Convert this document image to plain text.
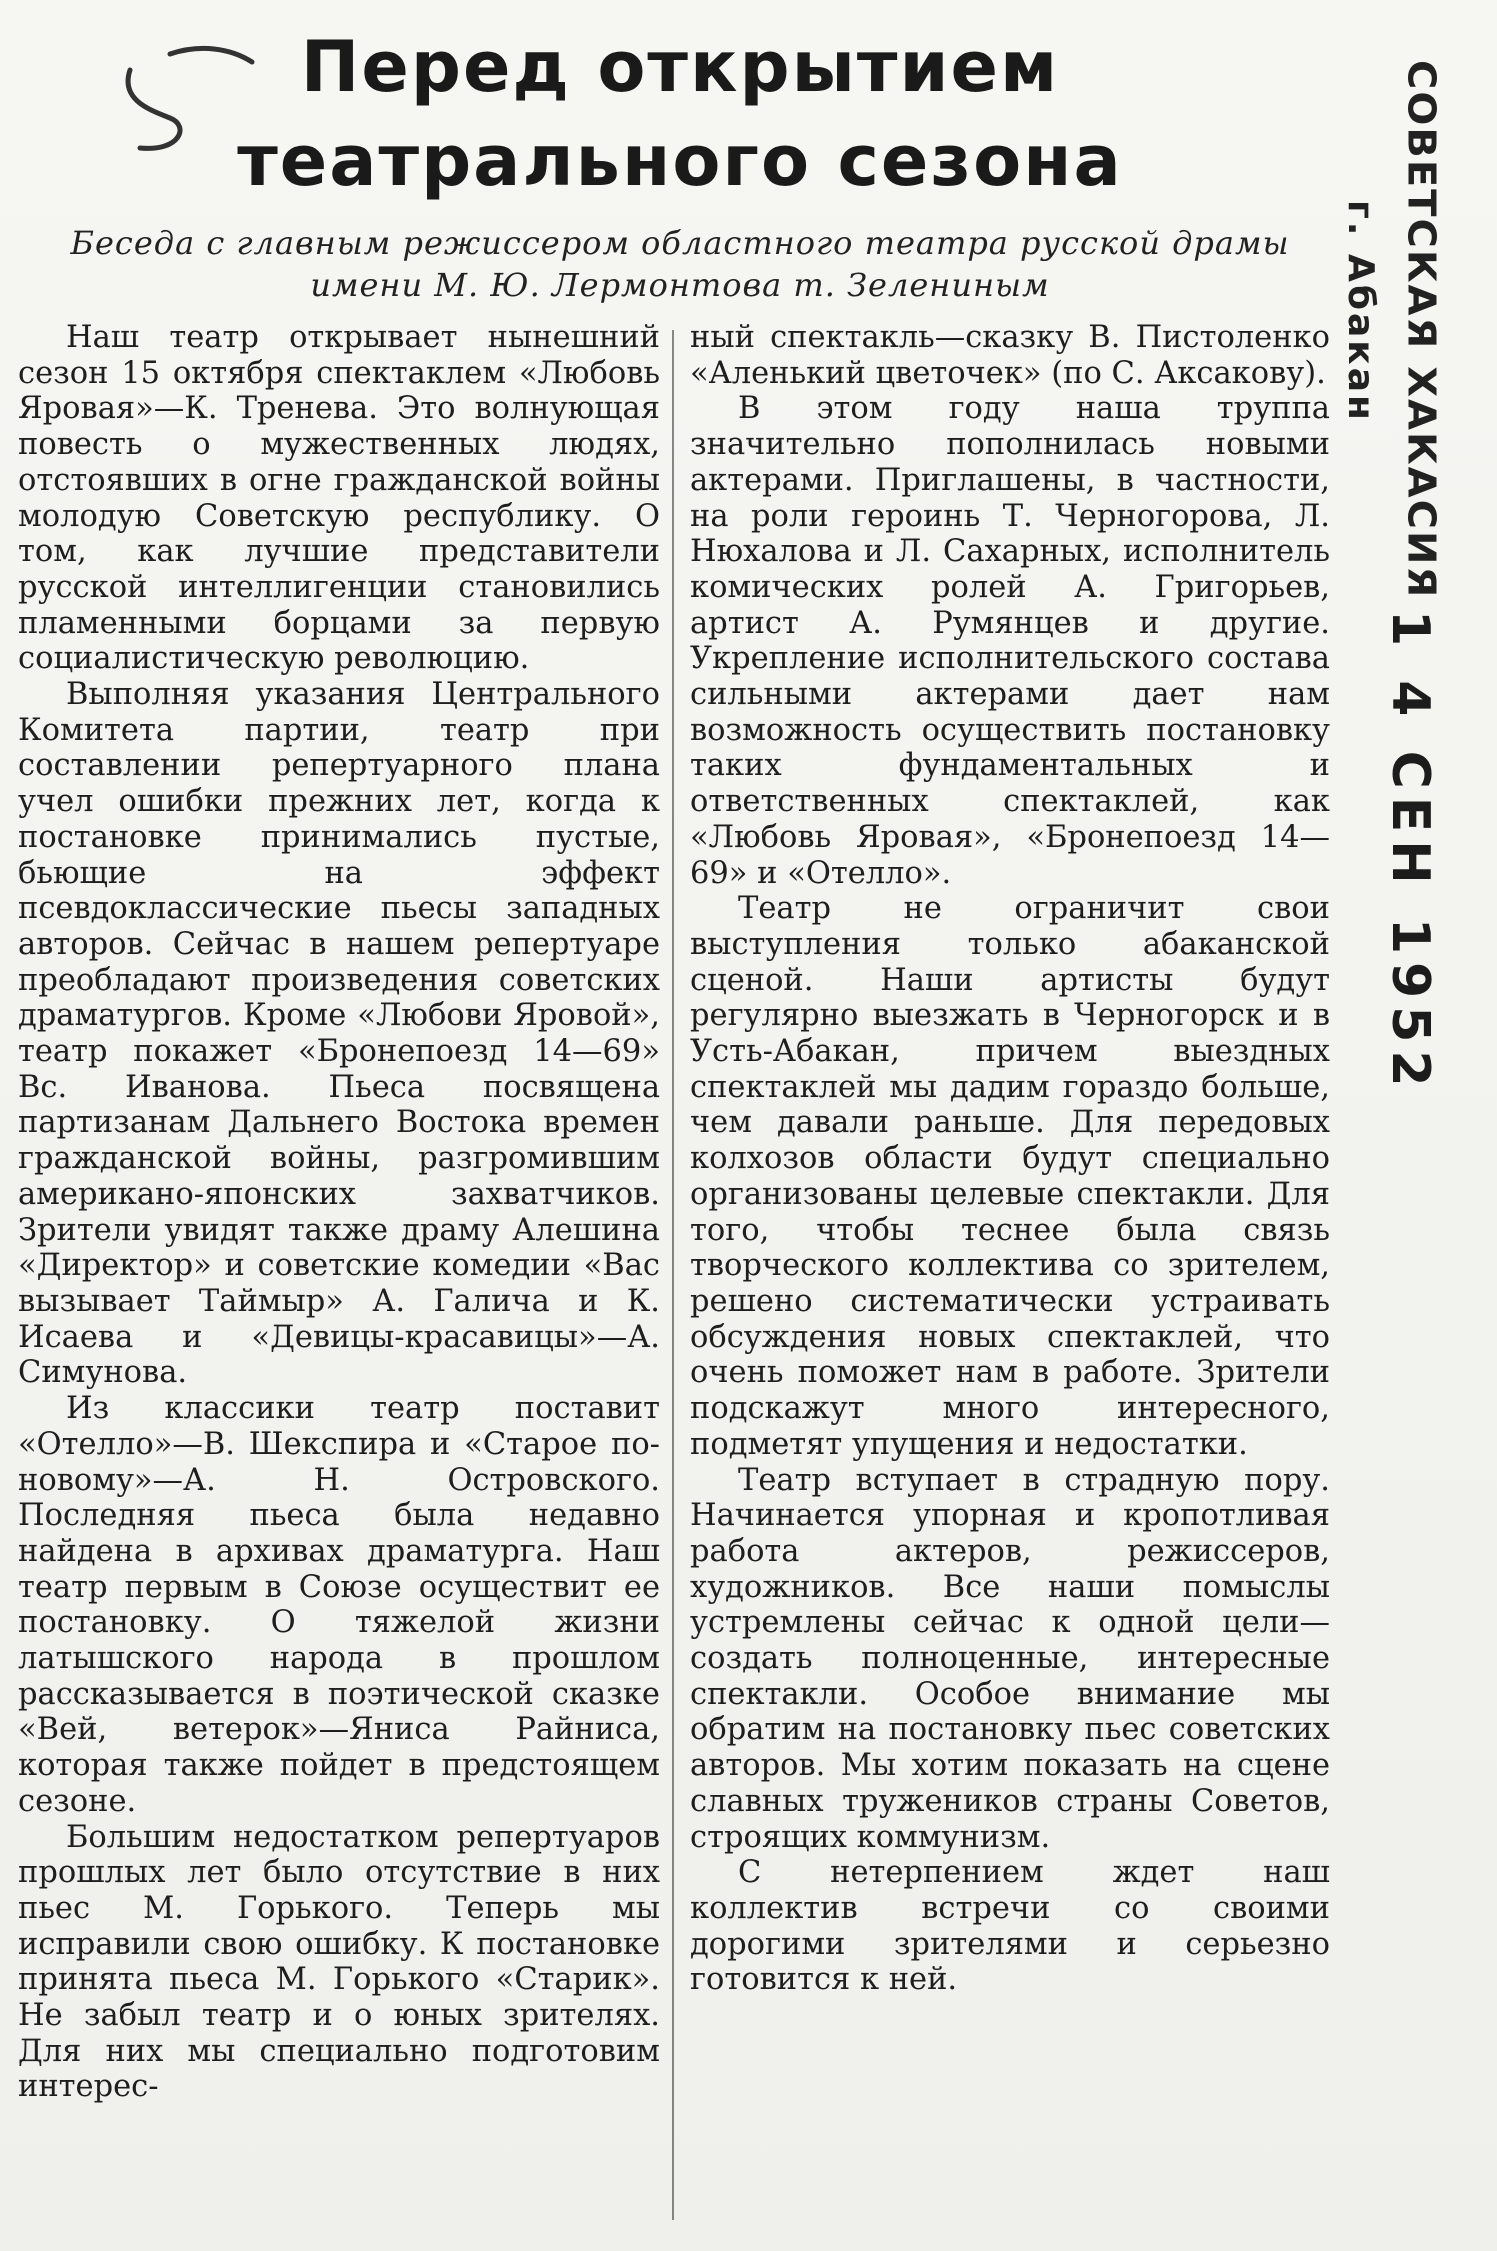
Перед открытием
театрального сезона
Беседа с главным режиссером областного театра русской драмы
имени М. Ю. Лермонтова т. Зелениным

Наш театр открывает нынешний сезон 15 октября спектаклем «Любовь Яровая»—К. Тренева. Это волнующая повесть о мужественных людях, отстоявших в огне гражданской войны молодую Советскую республику. О том, как лучшие представители русской интеллигенции становились пламенными борцами за первую социалистическую революцию.

Выполняя указания Центрального Комитета партии, театр при составлении репертуарного плана учел ошибки прежних лет, когда к постановке принимались пустые, бьющие на эффект псевдоклассические пьесы западных авторов. Сейчас в нашем репертуаре преобладают произведения советских драматургов. Кроме «Любови Яровой», театр покажет «Бронепоезд 14—69» Вс. Иванова. Пьеса посвящена партизанам Дальнего Востока времен гражданской войны, разгромившим американо-японских захватчиков. Зрители увидят также драму Алешина «Директор» и советские комедии «Вас вызывает Таймыр» А. Галича и К. Исаева и «Девицы-красавицы»—А. Симунова.

Из классики театр поставит «Отелло»—В. Шекспира и «Старое по-новому»—А. Н. Островского. Последняя пьеса была недавно найдена в архивах драматурга. Наш театр первым в Союзе осуществит ее постановку. О тяжелой жизни латышского народа в прошлом рассказывается в поэтической сказке «Вей, ветерок»—Яниса Райниса, которая также пойдет в предстоящем сезоне.

Большим недостатком репертуаров прошлых лет было отсутствие в них пьес М. Горького. Теперь мы исправили свою ошибку. К постановке принята пьеса М. Горького «Старик». Не забыл театр и о юных зрителях. Для них мы специально подготовим интерес-

ный спектакль—сказку В. Пистоленко «Аленький цветочек» (по С. Аксакову).

В этом году наша труппа значительно пополнилась новыми актерами. Приглашены, в частности, на роли героинь Т. Черногорова, Л. Нюхалова и Л. Сахарных, исполнитель комических ролей А. Григорьев, артист А. Румянцев и другие. Укрепление исполнительского состава сильными актерами дает нам возможность осуществить постановку таких фундаментальных и ответственных спектаклей, как «Любовь Яровая», «Бронепоезд 14—69» и «Отелло».

Театр не ограничит свои выступления только абаканской сценой. Наши артисты будут регулярно выезжать в Черногорск и в Усть-Абакан, причем выездных спектаклей мы дадим гораздо больше, чем давали раньше. Для передовых колхозов области будут специально организованы целевые спектакли. Для того, чтобы теснее была связь творческого коллектива со зрителем, решено систематически устраивать обсуждения новых спектаклей, что очень поможет нам в работе. Зрители подскажут много интересного, подметят упущения и недостатки.

Театр вступает в страдную пору. Начинается упорная и кропотливая работа актеров, режиссеров, художников. Все наши помыслы устремлены сейчас к одной цели—создать полноценные, интересные спектакли. Особое внимание мы обратим на постановку пьес советских авторов. Мы хотим показать на сцене славных тружеников страны Советов, строящих коммунизм.

С нетерпением ждет наш коллектив встречи со своими дорогими зрителями и серьезно готовится к ней.

СОВЕТСКАЯ ХАКАСИЯ
г. Абакан
1 4 СЕН 1952
